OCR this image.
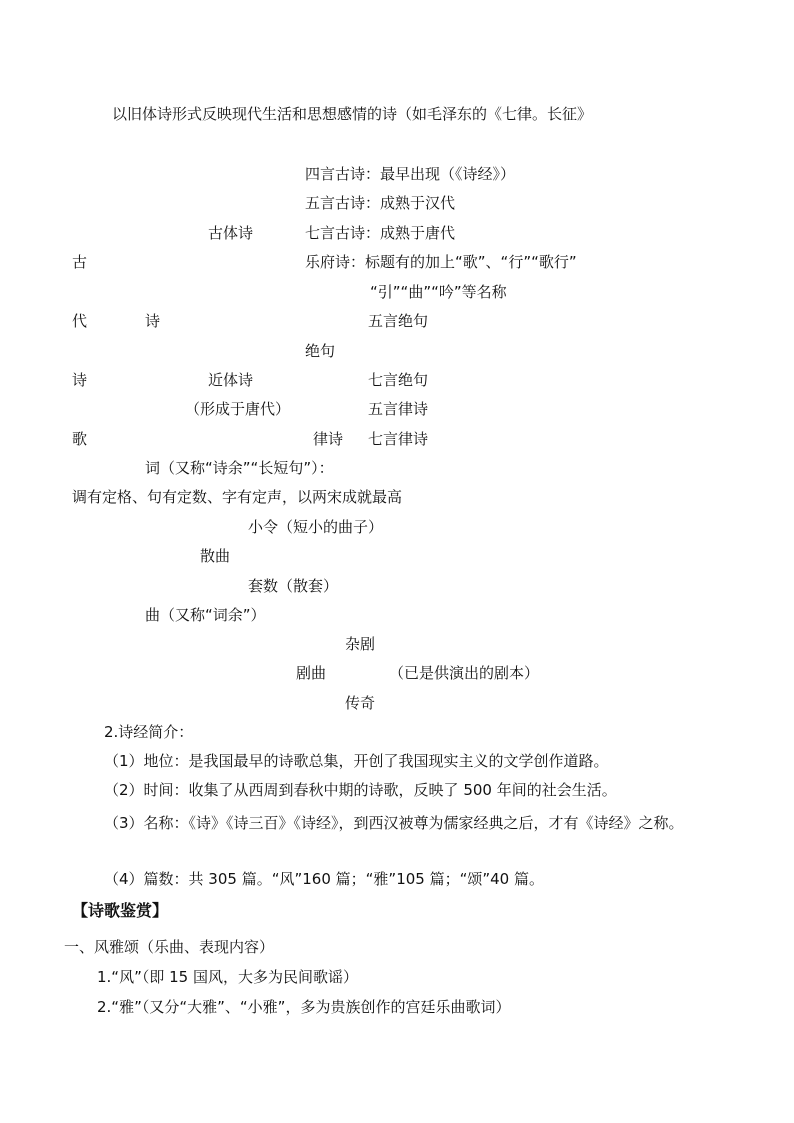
以旧体诗形式反映现代生活和思想感情的诗（如毛泽东的《七律。长征》
古
代
诗
歌
诗
古体诗
四言古诗：最早出现（《诗经》）
五言古诗：成熟于汉代
七言古诗：成熟于唐代
乐府诗：标题有的加上“歌”、“行”“歌行”
“引”“曲”“吟”等名称
近体诗
（形成于唐代）
绝句
五言绝句
七言绝句
律诗
五言律诗
七言律诗
词（又称“诗余”“长短句”）：
调有定格、句有定数、字有定声，以两宋成就最高
小令（短小的曲子）
散曲
套数（散套）
曲（又称“词余”）
杂剧
剧曲	（已是供演出的剧本）
传奇
2.诗经简介：
（1）地位：是我国最早的诗歌总集，开创了我国现实主义的文学创作道路。
（2）时间：收集了从西周到春秋中期的诗歌，反映了 500 年间的社会生活。
（3）名称：《诗》《诗三百》《诗经》，到西汉被尊为儒家经典之后，才有《诗经》之称。
（4）篇数：共 305 篇。“风”160 篇；“雅”105 篇；“颂”40 篇。
【诗歌鉴赏】
一、风雅颂（乐曲、表现内容）
1.“风”（即 15 国风，大多为民间歌谣）
2.“雅”（又分“大雅”、“小雅”，多为贵族创作的宫廷乐曲歌词）
